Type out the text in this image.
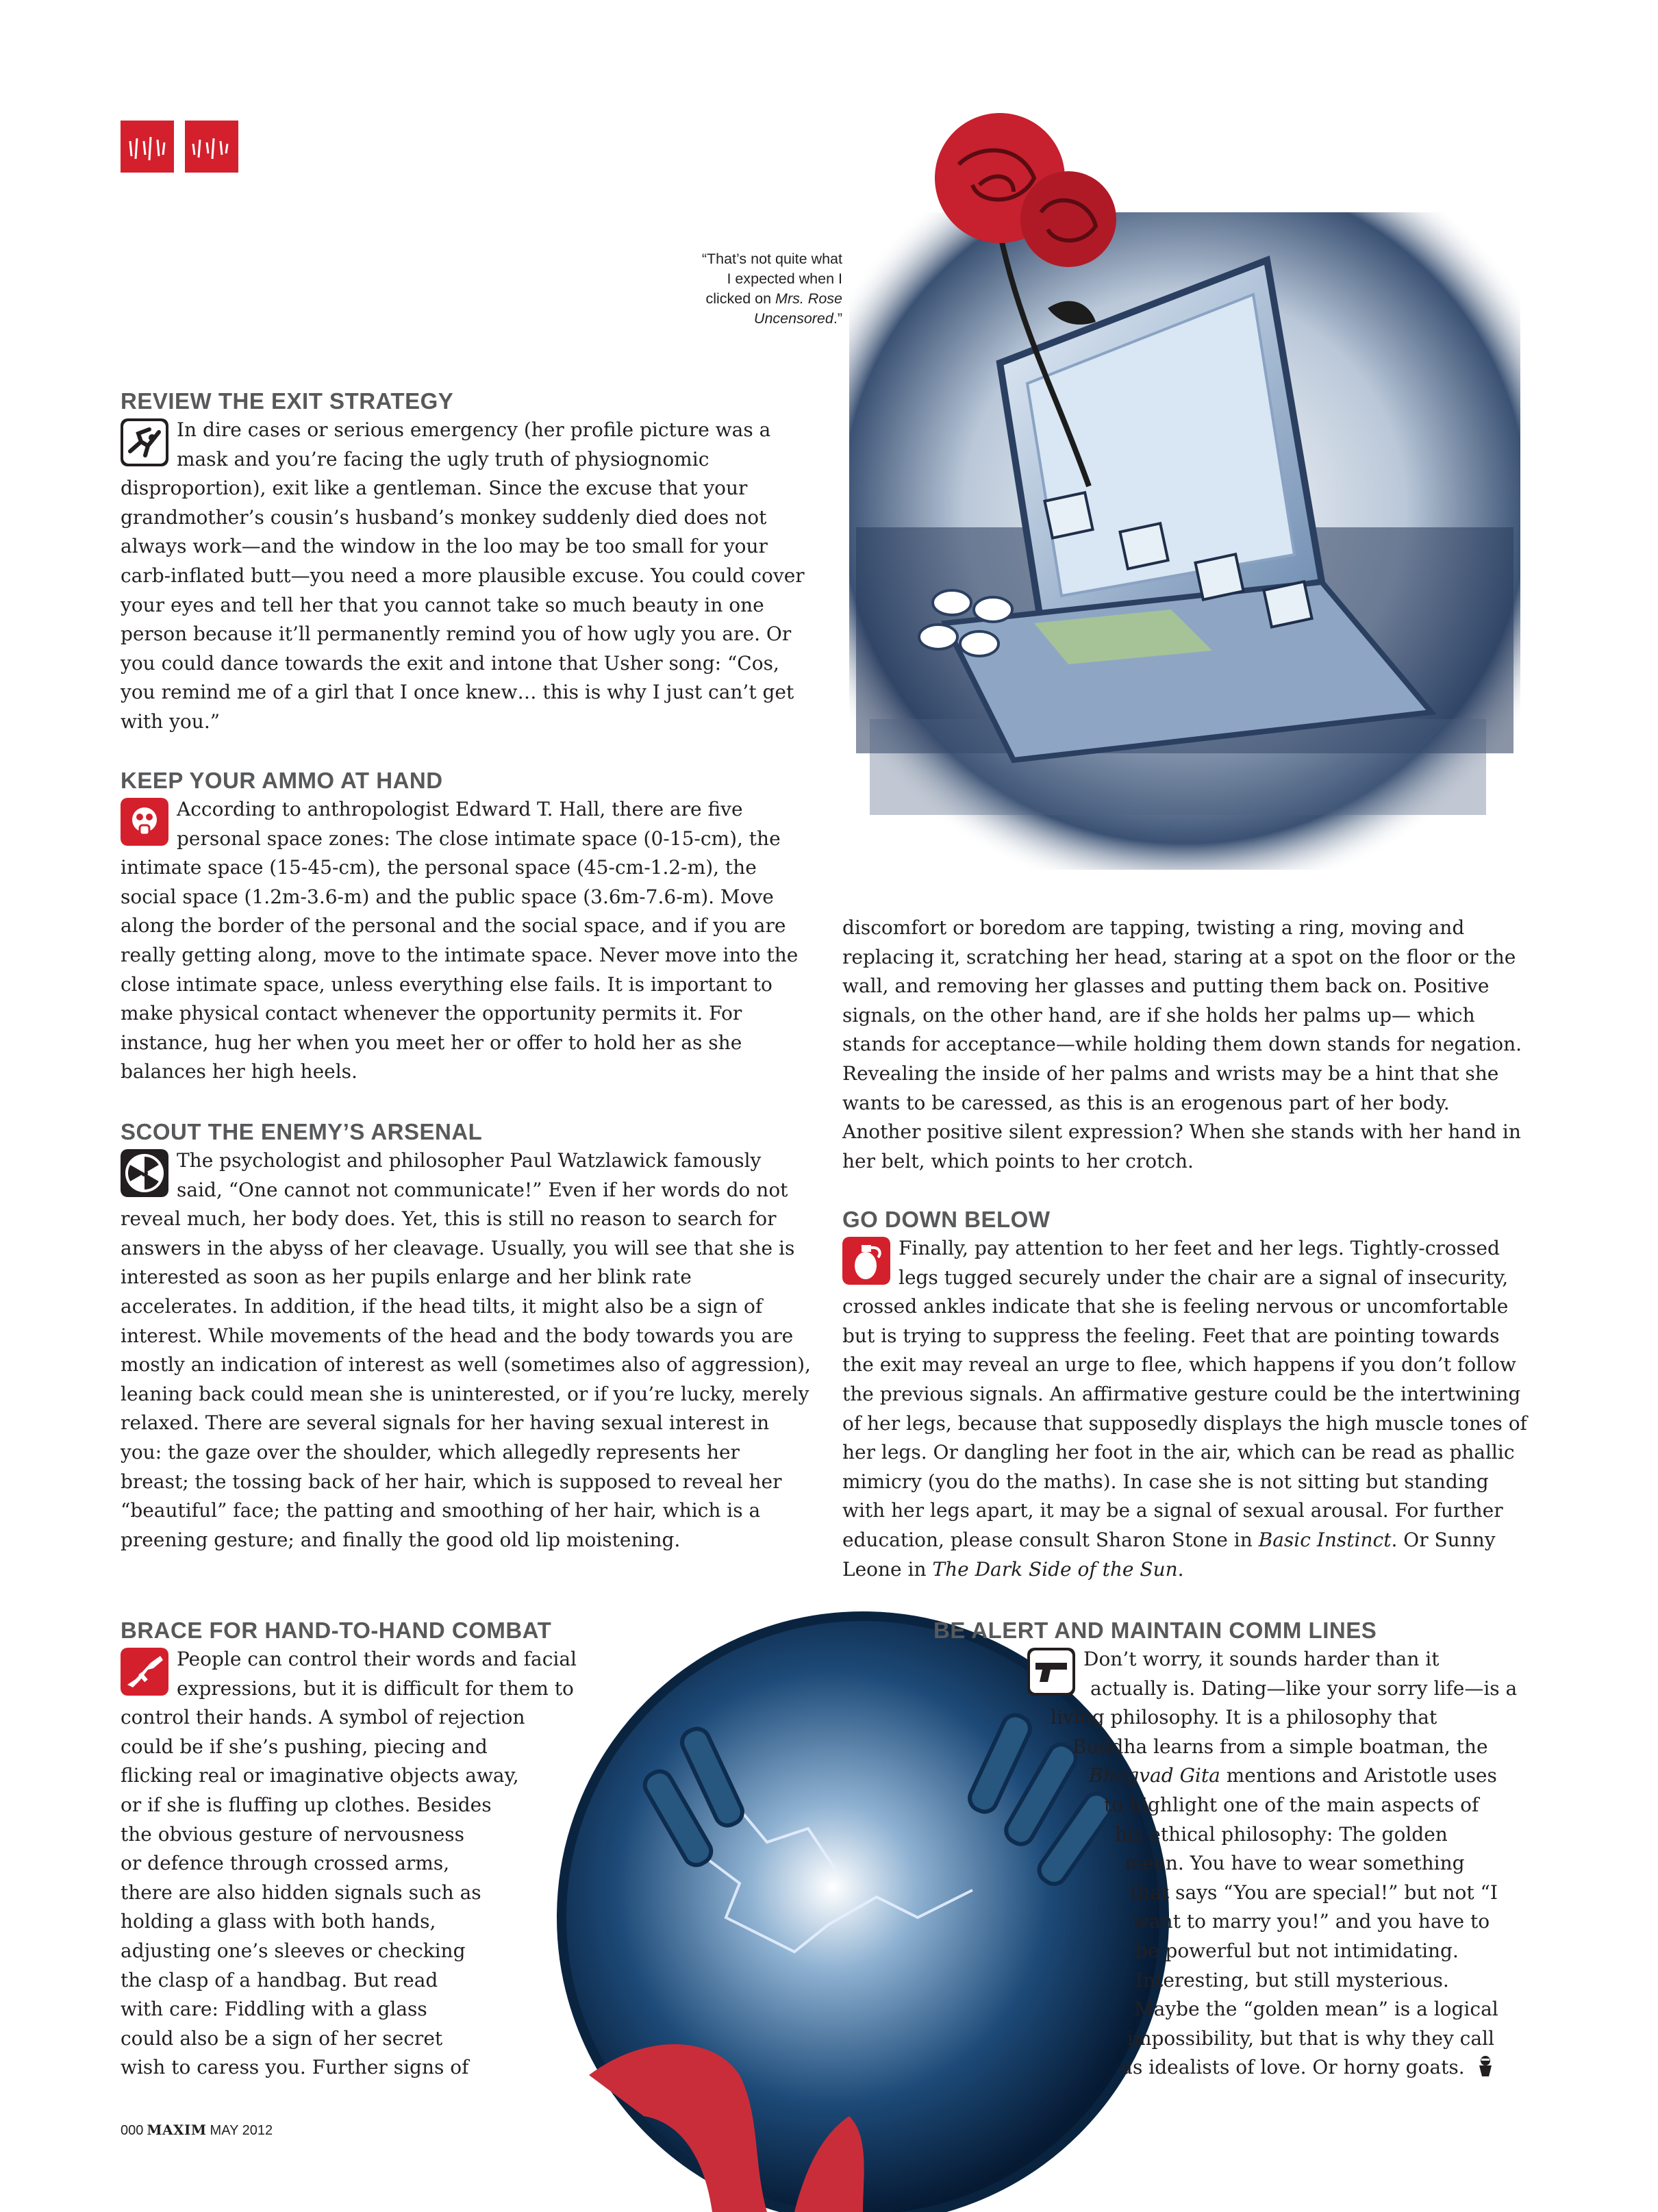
“That’s not quite what
I expected when I
clicked on Mrs. Rose
Uncensored.”
REVIEW THE EXIT STRATEGY
In dire cases or serious emergency (her profile picture was a mask and you’re facing the ugly truth of physiognomic disproportion), exit like a gentleman. Since the excuse that your grandmother’s cousin’s husband’s monkey suddenly died does not always work—and the window in the loo may be too small for your carb-inflated butt—you need a more plausible excuse. You could cover your eyes and tell her that you cannot take so much beauty in one person because it’ll permanently remind you of how ugly you are. Or you could dance towards the exit and intone that Usher song: “Cos, you remind me of a girl that I once knew… this is why I just can’t get with you.”
KEEP YOUR AMMO AT HAND
According to anthropologist Edward T. Hall, there are five personal space zones: The close intimate space (0-15-cm), the intimate space (15-45-cm), the personal space (45-cm-1.2-m), the social space (1.2m-3.6-m) and the public space (3.6m-7.6-m). Move along the border of the personal and the social space, and if you are really getting along, move to the intimate space. Never move into the close intimate space, unless everything else fails. It is important to make physical contact whenever the opportunity permits it. For instance, hug her when you meet her or offer to hold her as she balances her high heels.
SCOUT THE ENEMY’S ARSENAL
The psychologist and philosopher Paul Watzlawick famously said, “One cannot not communicate!” Even if her words do not reveal much, her body does. Yet, this is still no reason to search for answers in the abyss of her cleavage. Usually, you will see that she is interested as soon as her pupils enlarge and her blink rate accelerates. In addition, if the head tilts, it might also be a sign of interest. While movements of the head and the body towards you are mostly an indication of interest as well (sometimes also of aggression), leaning back could mean she is uninterested, or if you’re lucky, merely relaxed. There are several signals for her having sexual interest in you: the gaze over the shoulder, which allegedly represents her breast; the tossing back of her hair, which is supposed to reveal her “beautiful” face; the patting and smoothing of her hair, which is a preening gesture; and finally the good old lip moistening.
discomfort or boredom are tapping, twisting a ring, moving and replacing it, scratching her head, staring at a spot on the floor or the wall, and removing her glasses and putting them back on. Positive signals, on the other hand, are if she holds her palms up— which stands for acceptance—while holding them down stands for negation. Revealing the inside of her palms and wrists may be a hint that she wants to be caressed, as this is an erogenous part of her body. Another positive silent expression? When she stands with her hand in her belt, which points to her crotch.
GO DOWN BELOW
Finally, pay attention to her feet and her legs. Tightly-crossed legs tugged securely under the chair are a signal of insecurity, crossed ankles indicate that she is feeling nervous or uncomfortable but is trying to suppress the feeling. Feet that are pointing towards the exit may reveal an urge to flee, which happens if you don’t follow the previous signals. An affirmative gesture could be the intertwining of her legs, because that supposedly displays the high muscle tones of her legs. Or dangling her foot in the air, which can be read as phallic mimicry (you do the maths). In case she is not sitting but standing with her legs apart, it may be a signal of sexual arousal. For further education, please consult Sharon Stone in Basic Instinct. Or Sunny Leone in The Dark Side of the Sun.
BRACE FOR HAND-TO-HAND COMBAT
People can control their words and facial
expressions, but it is difficult for them to
control their hands. A symbol of rejection
could be if she’s pushing, piecing and
flicking real or imaginative objects away,
or if she is fluffing up clothes. Besides
the obvious gesture of nervousness
or defence through crossed arms,
there are also hidden signals such as
holding a glass with both hands,
adjusting one’s sleeves or checking
the clasp of a handbag. But read
with care: Fiddling with a glass
could also be a sign of her secret
wish to caress you. Further signs of
BE ALERT AND MAINTAIN COMM LINES
Don’t worry, it sounds harder than it
actually is. Dating—like your sorry life—is a
living philosophy. It is a philosophy that
Buddha learns from a simple boatman, the
Bhagvad Gita mentions and Aristotle uses
to highlight one of the main aspects of
his ethical philosophy: The golden
mean. You have to wear something
that says “You are special!” but not “I
want to marry you!” and you have to
be powerful but not intimidating.
Interesting, but still mysterious.
Maybe the “golden mean” is a logical
impossibility, but that is why they call
us idealists of love. Or horny goats.
000 MAXIM MAY 2012
